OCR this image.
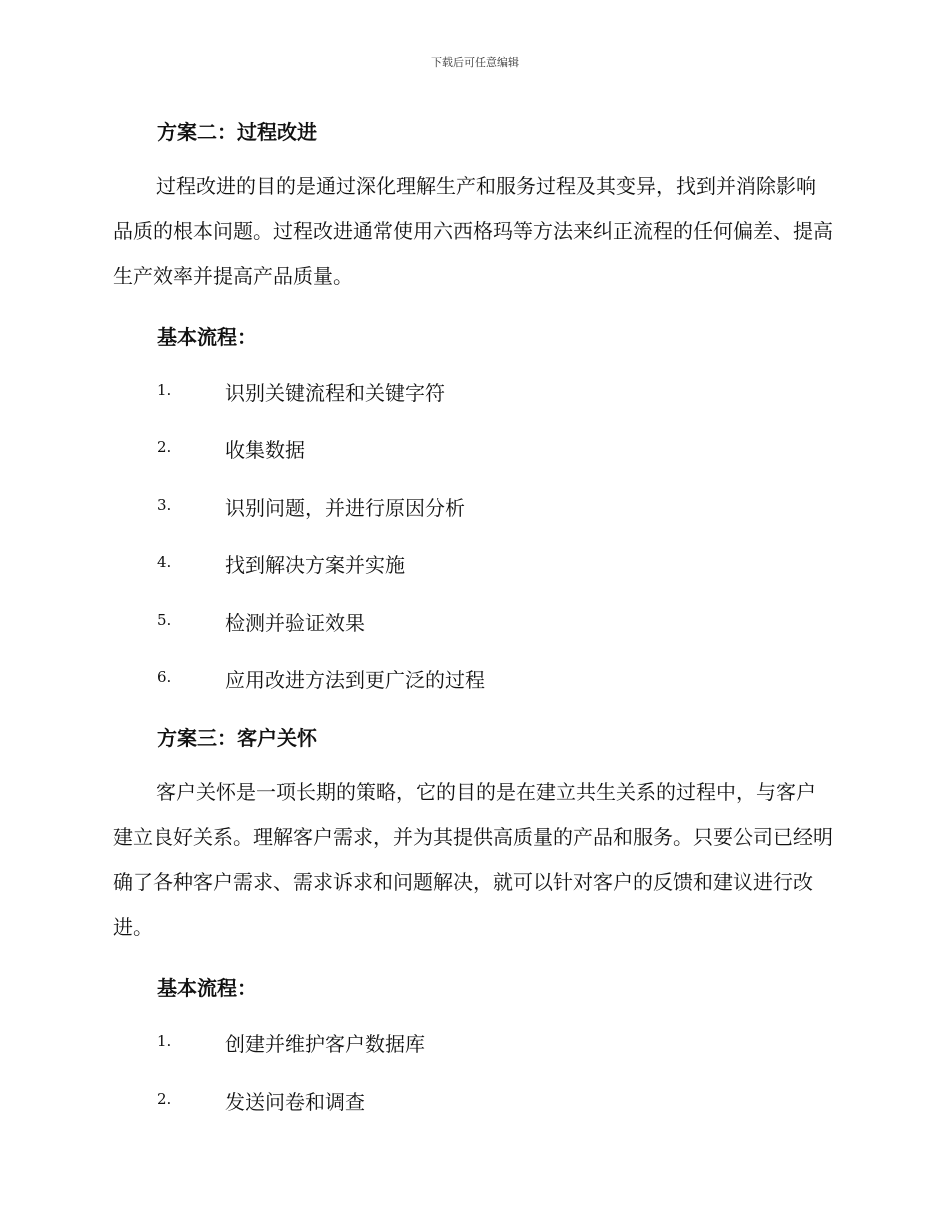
下载后可任意编辑
方案二：过程改进
过程改进的目的是通过深化理解生产和服务过程及其变异，找到并消除影响品质的根本问题。过程改进通常使用六西格玛等方法来纠正流程的任何偏差、提高生产效率并提高产品质量。
基本流程：
1.	识别关键流程和关键字符
2.	收集数据
3.	识别问题，并进行原因分析
4.	找到解决方案并实施
5.	检测并验证效果
6.	应用改进方法到更广泛的过程
方案三：客户关怀
客户关怀是一项长期的策略，它的目的是在建立共生关系的过程中，与客户建立良好关系。理解客户需求，并为其提供高质量的产品和服务。只要公司已经明确了各种客户需求、需求诉求和问题解决，就可以针对客户的反馈和建议进行改进。
基本流程：
1.	创建并维护客户数据库
2.	发送问卷和调查
